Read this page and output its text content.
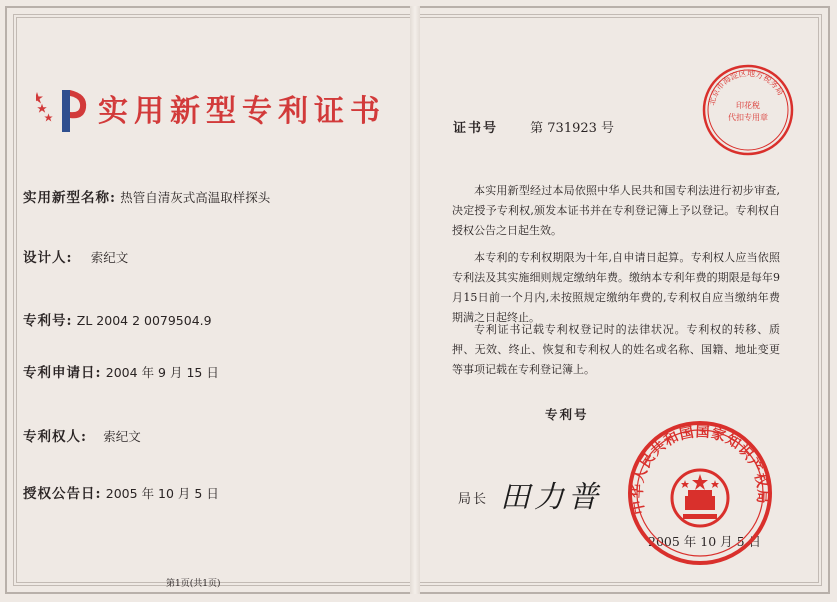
实用新型专利证书
实用新型名称: 热管自清灰式高温取样探头
设计人: 索纪文
专利号: ZL 2004 2 0079504.9
专利申请日: 2004 年 9 月 15 日
专利权人: 索纪文
授权公告日: 2005 年 10 月 5 日
第1页(共1页)
证书号 第 731923 号

本实用新型经过本局依照中华人民共和国专利法进行初步审查,决定授予专利权,颁发本证书并在专利登记簿上予以登记。专利权自授权公告之日起生效。

本专利的专利权期限为十年,自申请日起算。专利权人应当依照专利法及其实施细则规定缴纳年费。缴纳本专利年费的期限是每年9月15日前一个月内,未按照规定缴纳年费的,专利权自应当缴纳年费期满之日起终止。

专利证书记载专利权登记时的法律状况。专利权的转移、质押、无效、终止、恢复和专利权人的姓名或名称、国籍、地址变更等事项记载在专利登记簿上。

专利号
局长 田力普
2005 年 10 月 5 日
北京市海淀区地方税务局
印花税
代扣专用章
中华人民共和国国家知识产权局
